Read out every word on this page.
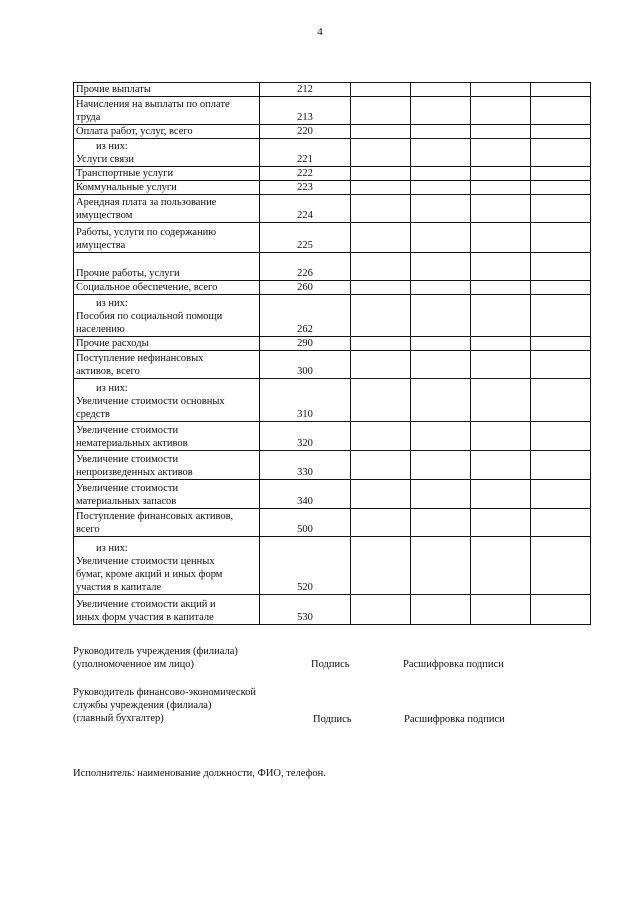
4
Прочие выплаты	212				

Начисления на выплаты по оплате
труда	213				

Оплата работ, услуг, всего	220				

из них:
Услуги связи	221				

Транспортные услуги	222				

Коммунальные услуги	223				

Арендная плата за пользование
имуществом	224				

Работы, услуги по содержанию
имущества	225				

Прочие работы, услуги	226				

Социальное обеспечение, всего	260				

из них:
Пособия по социальной помощи
населению	262				

Прочие расходы	290				

Поступление нефинансовых
активов, всего	300				

из них:
Увеличение стоимости основных
средств	310				

Увеличение стоимости
нематериальных активов	320				

Увеличение стоимости
непроизведенных активов	330				

Увеличение стоимости
материальных запасов	340				

Поступление финансовых активов,
всего	500				

из них:
Увеличение стоимости ценных
бумаг, кроме акций и иных форм
участия в капитале	520				

Увеличение стоимости акций и
иных форм участия в капитале	530				
Руководитель учреждения (филиала)
(уполномоченное им лицо)	Подпись	Расшифровка подписи
Руководитель финансово-экономической
службы учреждения (филиала)
(главный бухгалтер)	Подпись	Расшифровка подписи
Исполнитель: наименование должности, ФИО, телефон.
